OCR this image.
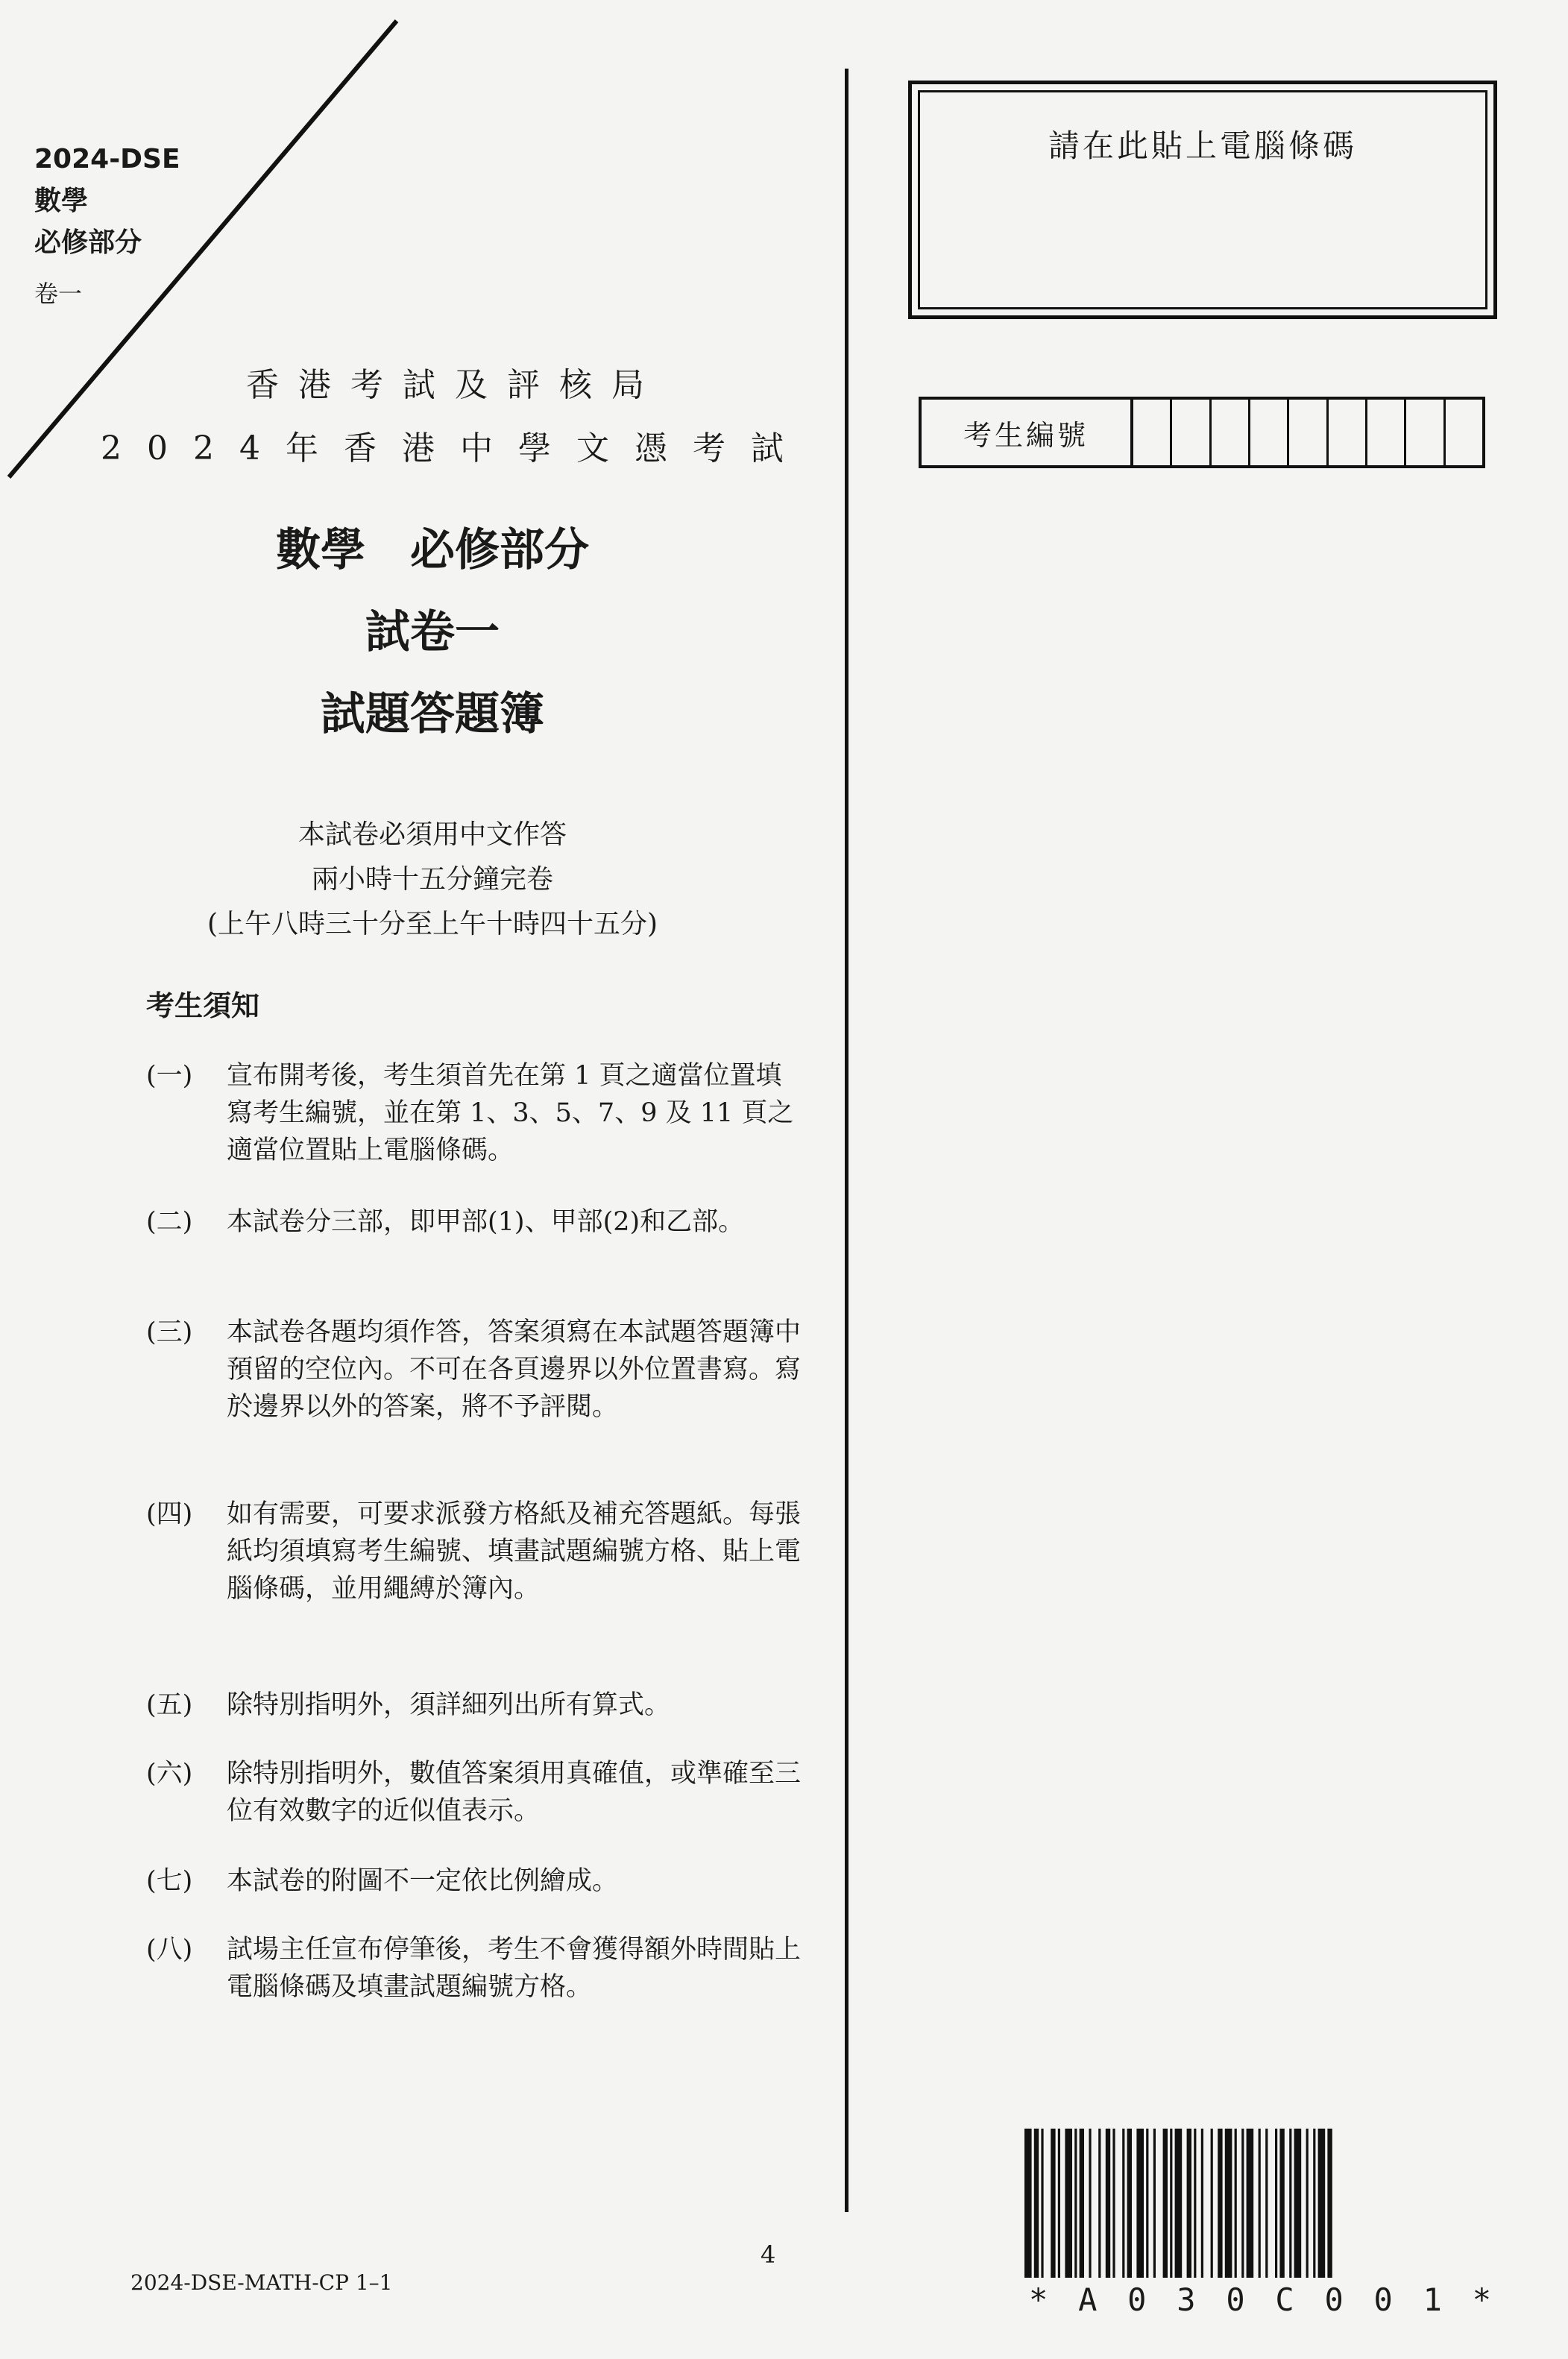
2024-DSE
數學
必修部分
卷一
香港考試及評核局
2024年香港中學文憑考試
數學　必修部分
試卷一
試題答題簿
本試卷必須用中文作答
兩小時十五分鐘完卷
(上午八時三十分至上午十時四十五分)
考生須知
(一)	宣布開考後，考生須首先在第 1 頁之適當位置填寫考生編號，並在第 1、3、5、7、9 及 11 頁之適當位置貼上電腦條碼。
(二)	本試卷分三部，即甲部(1)、甲部(2)和乙部。
(三)	本試卷各題均須作答，答案須寫在本試題答題簿中預留的空位內。不可在各頁邊界以外位置書寫。寫於邊界以外的答案，將不予評閱。
(四)	如有需要，可要求派發方格紙及補充答題紙。每張紙均須填寫考生編號、填畫試題編號方格、貼上電腦條碼，並用繩縛於簿內。
(五)	除特別指明外，須詳細列出所有算式。
(六)	除特別指明外，數值答案須用真確值，或準確至三位有效數字的近似值表示。
(七)	本試卷的附圖不一定依比例繪成。
(八)	試場主任宣布停筆後，考生不會獲得額外時間貼上電腦條碼及填畫試題編號方格。
請在此貼上電腦條碼
考生編號
4
2024-DSE-MATH-CP 1–1	* A 0 3 0 C 0 0 1 *
